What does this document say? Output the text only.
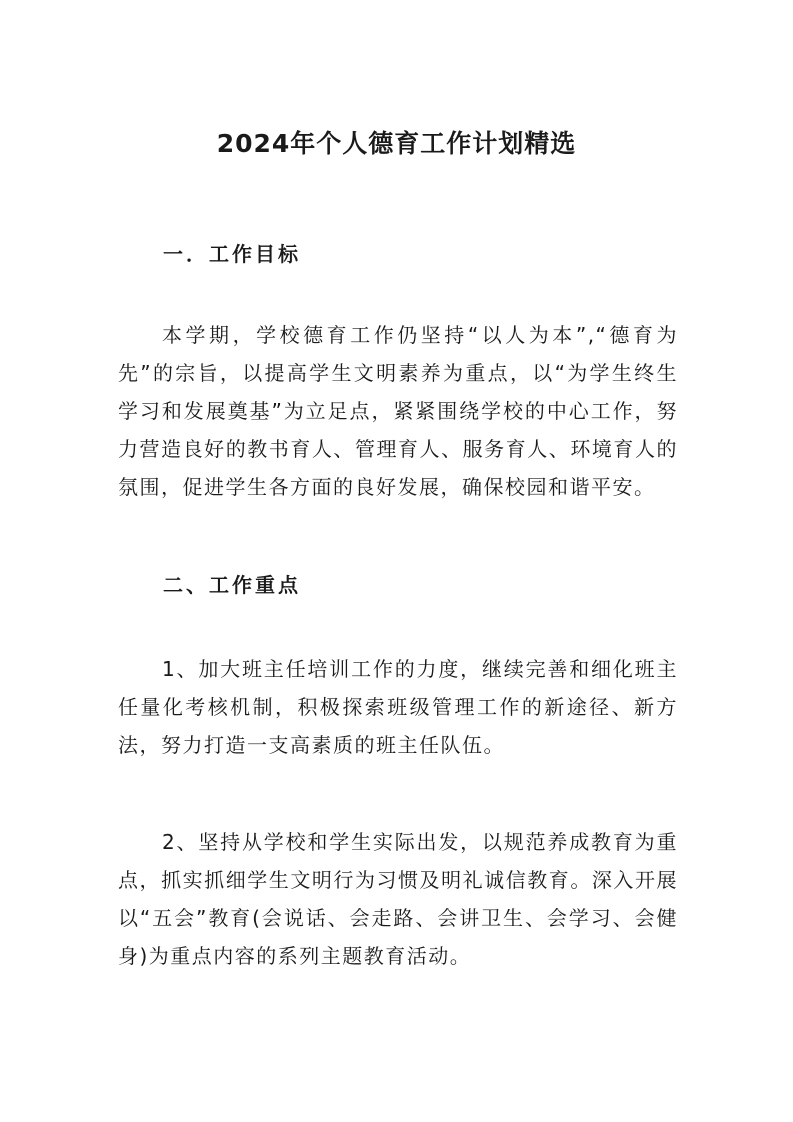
2024年个人德育工作计划精选
一．工作目标

本学期，学校德育工作仍坚持“以人为本”,“德育为先”的宗旨，以提高学生文明素养为重点，以“为学生终生学习和发展奠基”为立足点，紧紧围绕学校的中心工作，努力营造良好的教书育人、管理育人、服务育人、环境育人的氛围，促进学生各方面的良好发展，确保校园和谐平安。

二、工作重点

1、加大班主任培训工作的力度，继续完善和细化班主任量化考核机制，积极探索班级管理工作的新途径、新方法，努力打造一支高素质的班主任队伍。

2、坚持从学校和学生实际出发，以规范养成教育为重点，抓实抓细学生文明行为习惯及明礼诚信教育。深入开展以“五会”教育(会说话、会走路、会讲卫生、会学习、会健身)为重点内容的系列主题教育活动。
